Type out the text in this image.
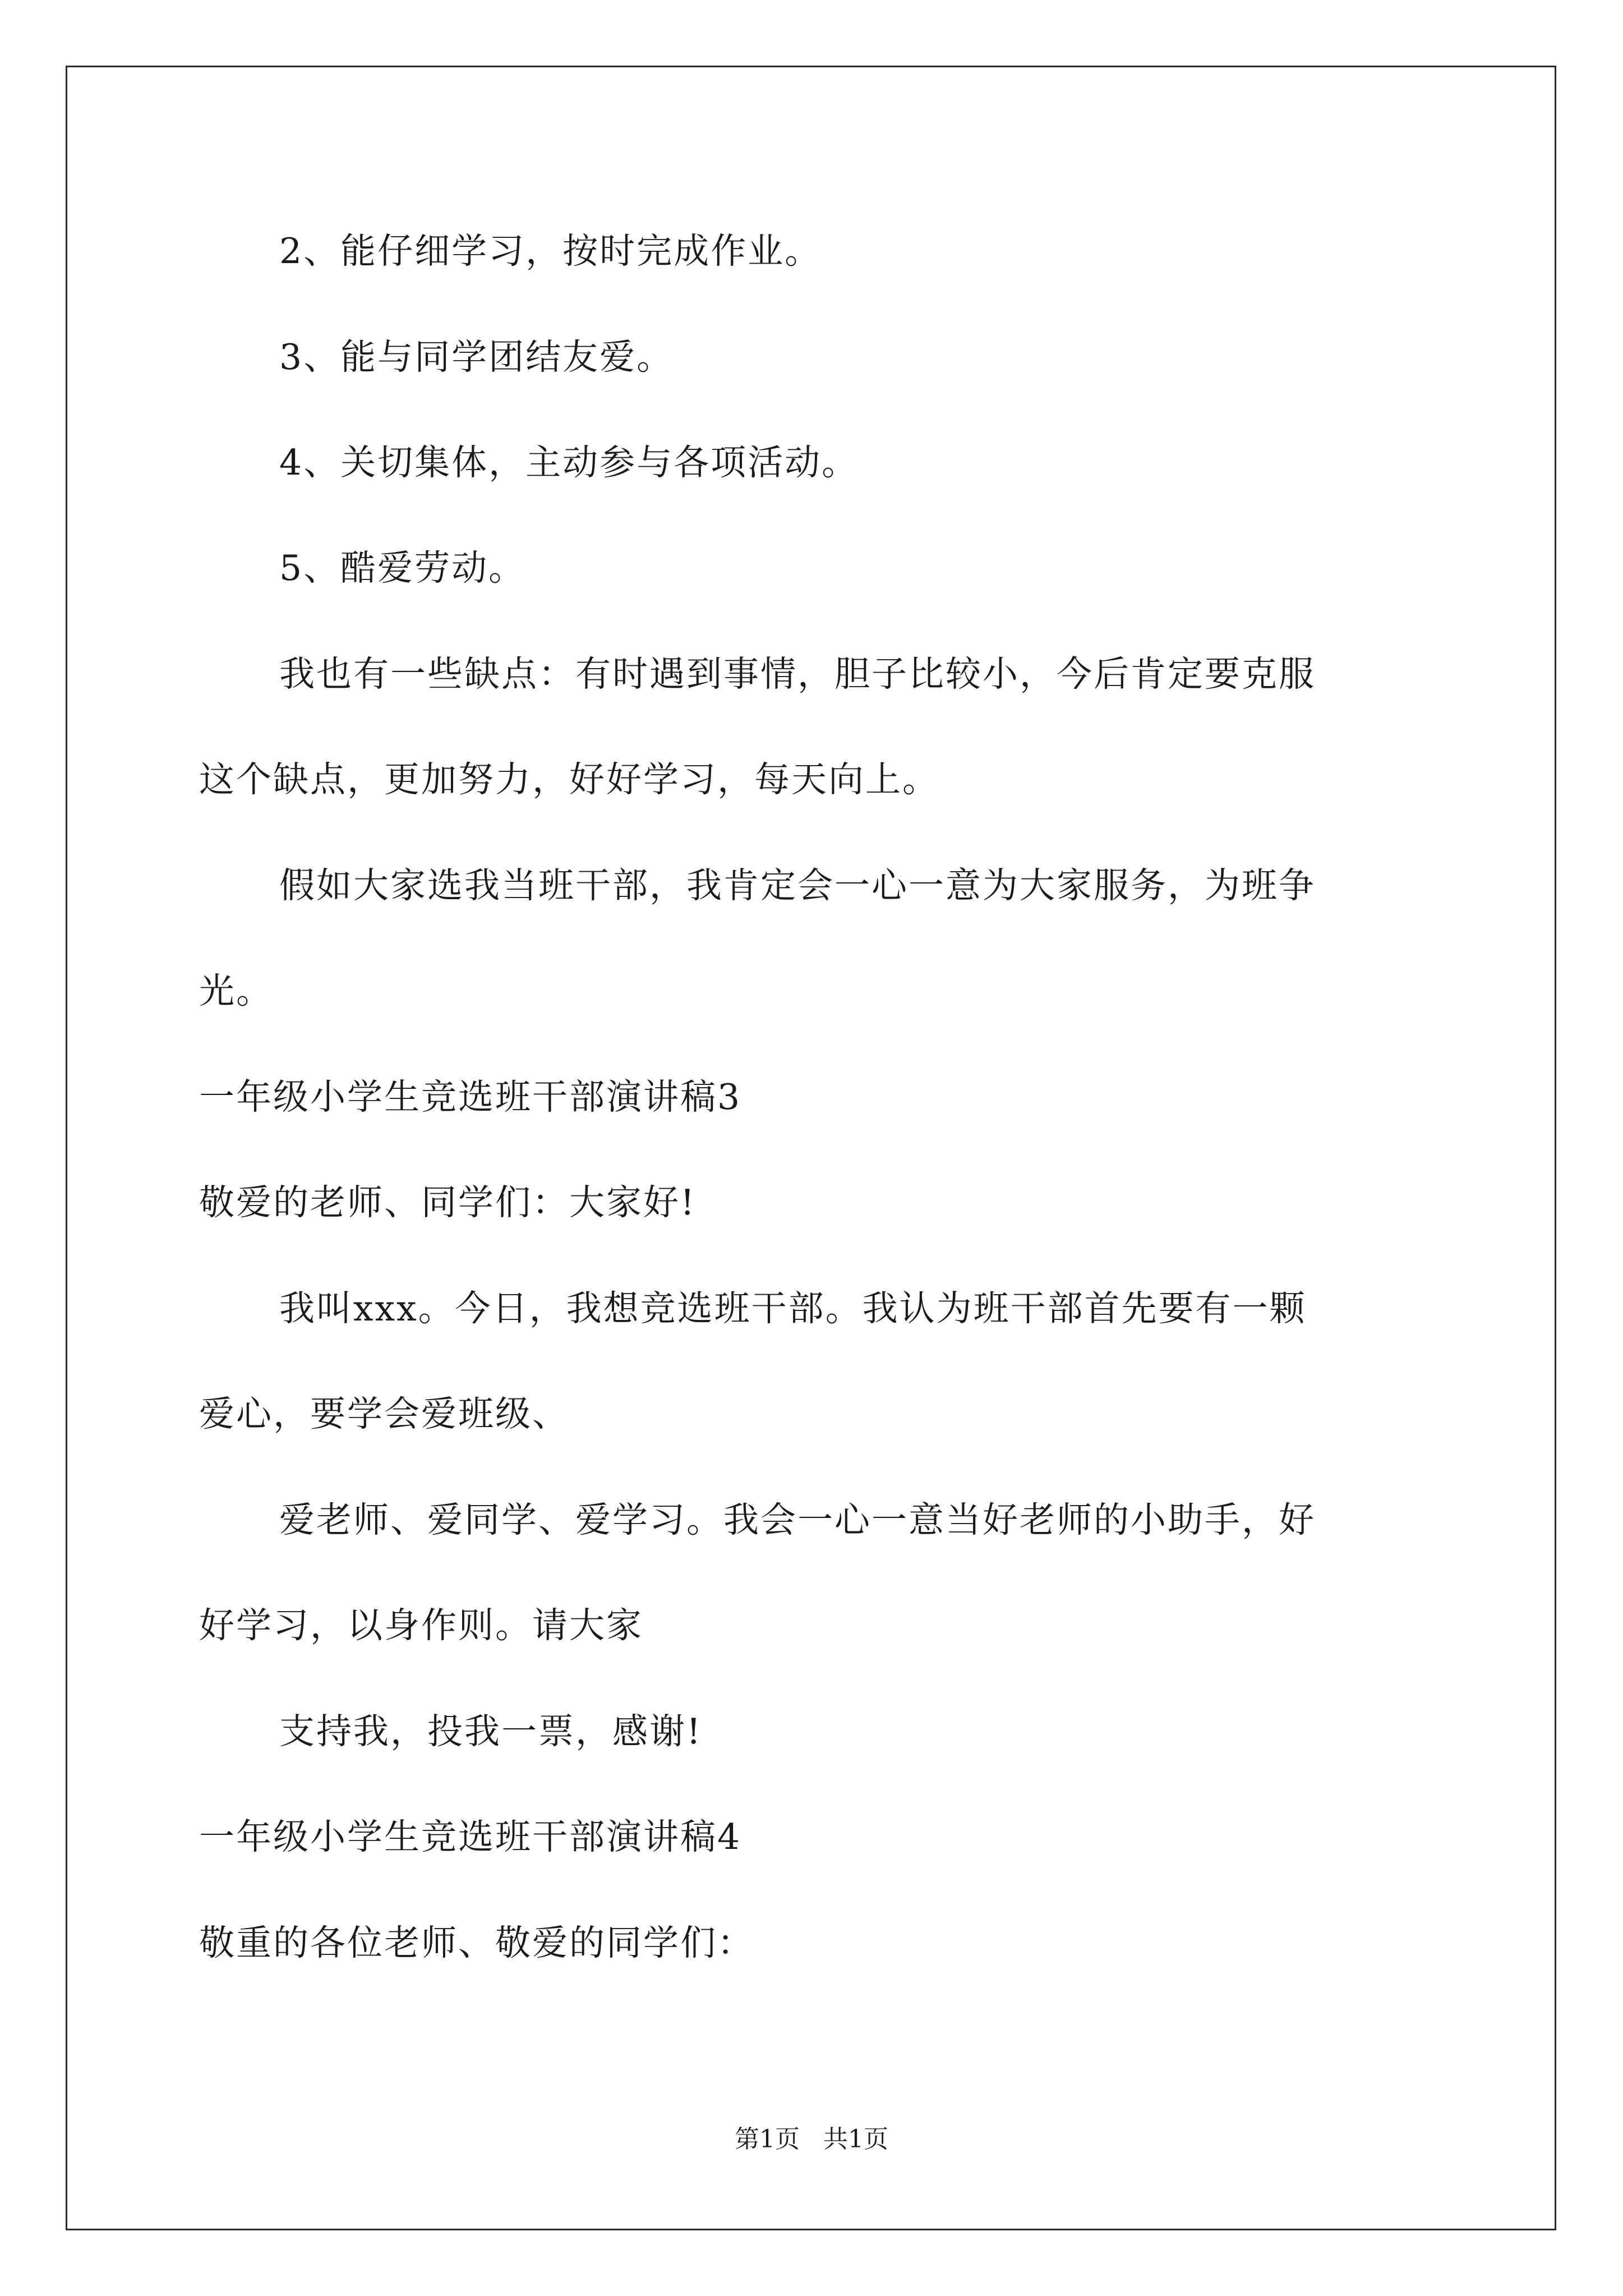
2、能仔细学习，按时完成作业。
3、能与同学团结友爱。
4、关切集体，主动参与各项活动。
5、酷爱劳动。
我也有一些缺点：有时遇到事情，胆子比较小，今后肯定要克服
这个缺点，更加努力，好好学习，每天向上。
假如大家选我当班干部，我肯定会一心一意为大家服务，为班争
光。
一年级小学生竞选班干部演讲稿3
敬爱的老师、同学们：大家好!
我叫xxx。今日，我想竞选班干部。我认为班干部首先要有一颗
爱心，要学会爱班级、
爱老师、爱同学、爱学习。我会一心一意当好老师的小助手，好
好学习，以身作则。请大家
支持我，投我一票，感谢!
一年级小学生竞选班干部演讲稿4
敬重的各位老师、敬爱的同学们：
第1页 共1页
